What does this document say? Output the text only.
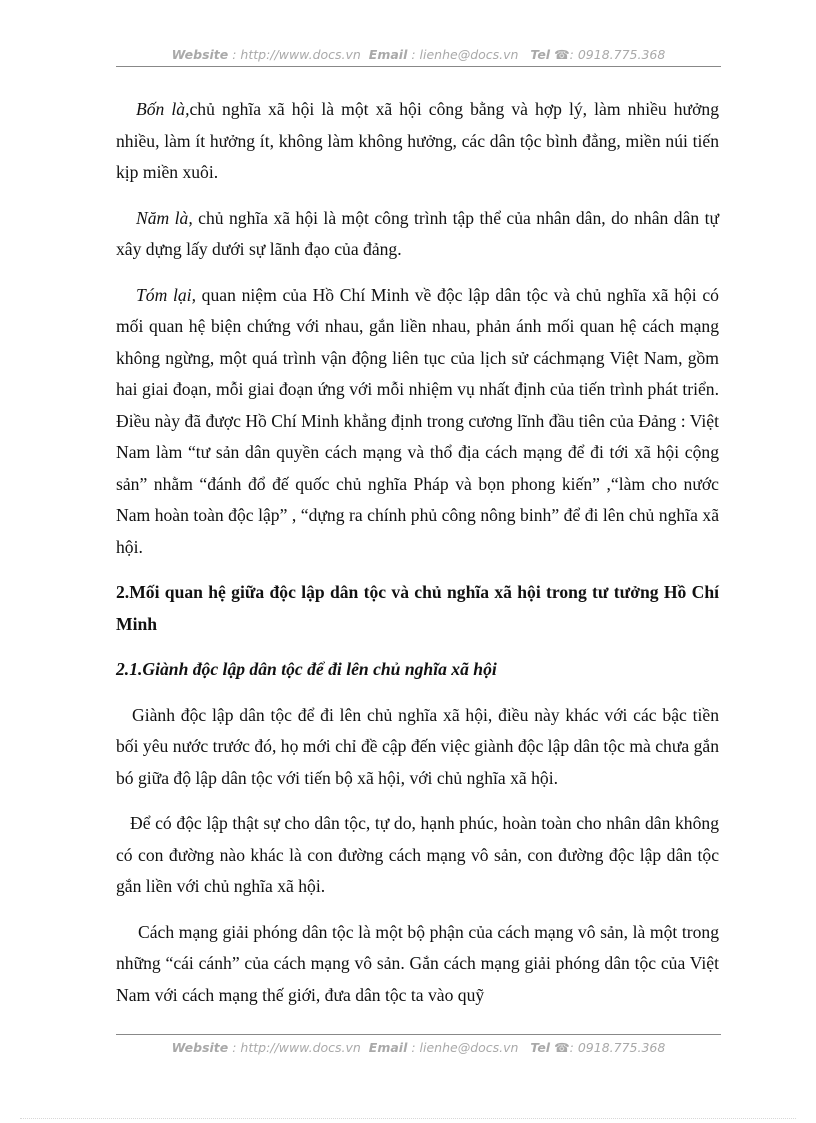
Website : http://www.docs.vn Email : lienhe@docs.vn Tel ☎: 0918.775.368

Bốn là,chủ nghĩa xã hội là một xã hội công bằng và hợp lý, làm nhiều hưởng nhiều, làm ít hưởng ít, không làm không hưởng, các dân tộc bình đẳng, miền núi tiến kịp miền xuôi.

Năm là, chủ nghĩa xã hội là một công trình tập thể của nhân dân, do nhân dân tự xây dựng lấy dưới sự lãnh đạo của đảng.

Tóm lại, quan niệm của Hồ Chí Minh về độc lập dân tộc và chủ nghĩa xã hội có mối quan hệ biện chứng với nhau, gắn liền nhau, phản ánh mối quan hệ cách mạng không ngừng, một quá trình vận động liên tục của lịch sử cáchmạng Việt Nam, gồm hai giai đoạn, mỗi giai đoạn ứng với mỗi nhiệm vụ nhất định của tiến trình phát triển. Điều này đã được Hồ Chí Minh khẳng định trong cương lĩnh đầu tiên của Đảng : Việt Nam làm “tư sản dân quyền cách mạng và thổ địa cách mạng để đi tới xã hội cộng sản” nhằm “đánh đổ đế quốc chủ nghĩa Pháp và bọn phong kiến” ,“làm cho nước Nam hoàn toàn độc lập” , “dựng ra chính phủ công nông binh” để đi lên chủ nghĩa xã hội.

2.Mối quan hệ giữa độc lập dân tộc và chủ nghĩa xã hội trong tư tưởng Hồ Chí Minh
2.1.Giành độc lập dân tộc để đi lên chủ nghĩa xã hội

Giành độc lập dân tộc để đi lên chủ nghĩa xã hội, điều này khác với các bậc tiền bối yêu nước trước đó, họ mới chỉ đề cập đến việc giành độc lập dân tộc mà chưa gắn bó giữa độ lập dân tộc với tiến bộ xã hội, với chủ nghĩa xã hội.

Để có độc lập thật sự cho dân tộc, tự do, hạnh phúc, hoàn toàn cho nhân dân không có con đường nào khác là con đường cách mạng vô sản, con đường độc lập dân tộc gắn liền với chủ nghĩa xã hội.

Cách mạng giải phóng dân tộc là một bộ phận của cách mạng vô sản, là một trong những “cái cánh” của cách mạng vô sản. Gắn cách mạng giải phóng dân tộc của Việt Nam với cách mạng thế giới, đưa dân tộc ta vào quỹ

Website : http://www.docs.vn Email : lienhe@docs.vn Tel ☎: 0918.775.368
